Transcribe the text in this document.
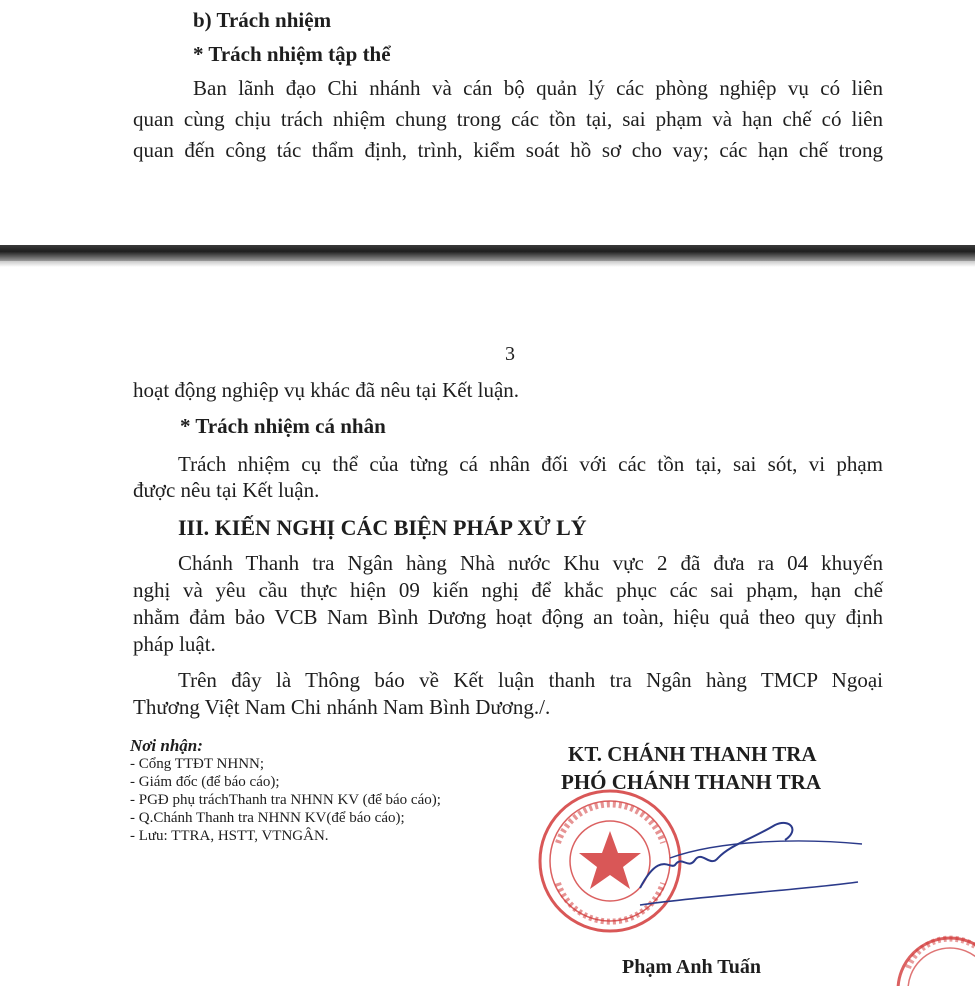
b) Trách nhiệm
* Trách nhiệm tập thể
Ban lãnh đạo Chi nhánh và cán bộ quản lý các phòng nghiệp vụ có liên
quan cùng chịu trách nhiệm chung trong các tồn tại, sai phạm và hạn chế có liên
quan đến công tác thẩm định, trình, kiểm soát hồ sơ cho vay; các hạn chế trong
3
hoạt động nghiệp vụ khác đã nêu tại Kết luận.
* Trách nhiệm cá nhân
Trách nhiệm cụ thể của từng cá nhân đối với các tồn tại, sai sót, vi phạm
được nêu tại Kết luận.
III. KIẾN NGHỊ CÁC BIỆN PHÁP XỬ LÝ
Chánh Thanh tra Ngân hàng Nhà nước Khu vực 2 đã đưa ra 04 khuyến
nghị và yêu cầu thực hiện 09 kiến nghị để khắc phục các sai phạm, hạn chế
nhằm đảm bảo VCB Nam Bình Dương hoạt động an toàn, hiệu quả theo quy định
pháp luật.
Trên đây là Thông báo về Kết luận thanh tra Ngân hàng TMCP Ngoại
Thương Việt Nam Chi nhánh Nam Bình Dương./.
Nơi nhận:
- Cổng TTĐT NHNN;
- Giám đốc (để báo cáo);
- PGĐ phụ tráchThanh tra NHNN KV (để báo cáo);
- Q.Chánh Thanh tra NHNN KV(để báo cáo);
- Lưu: TTRA, HSTT, VTNGÂN.
KT. CHÁNH THANH TRA
PHÓ CHÁNH THANH TRA
Phạm Anh Tuấn
